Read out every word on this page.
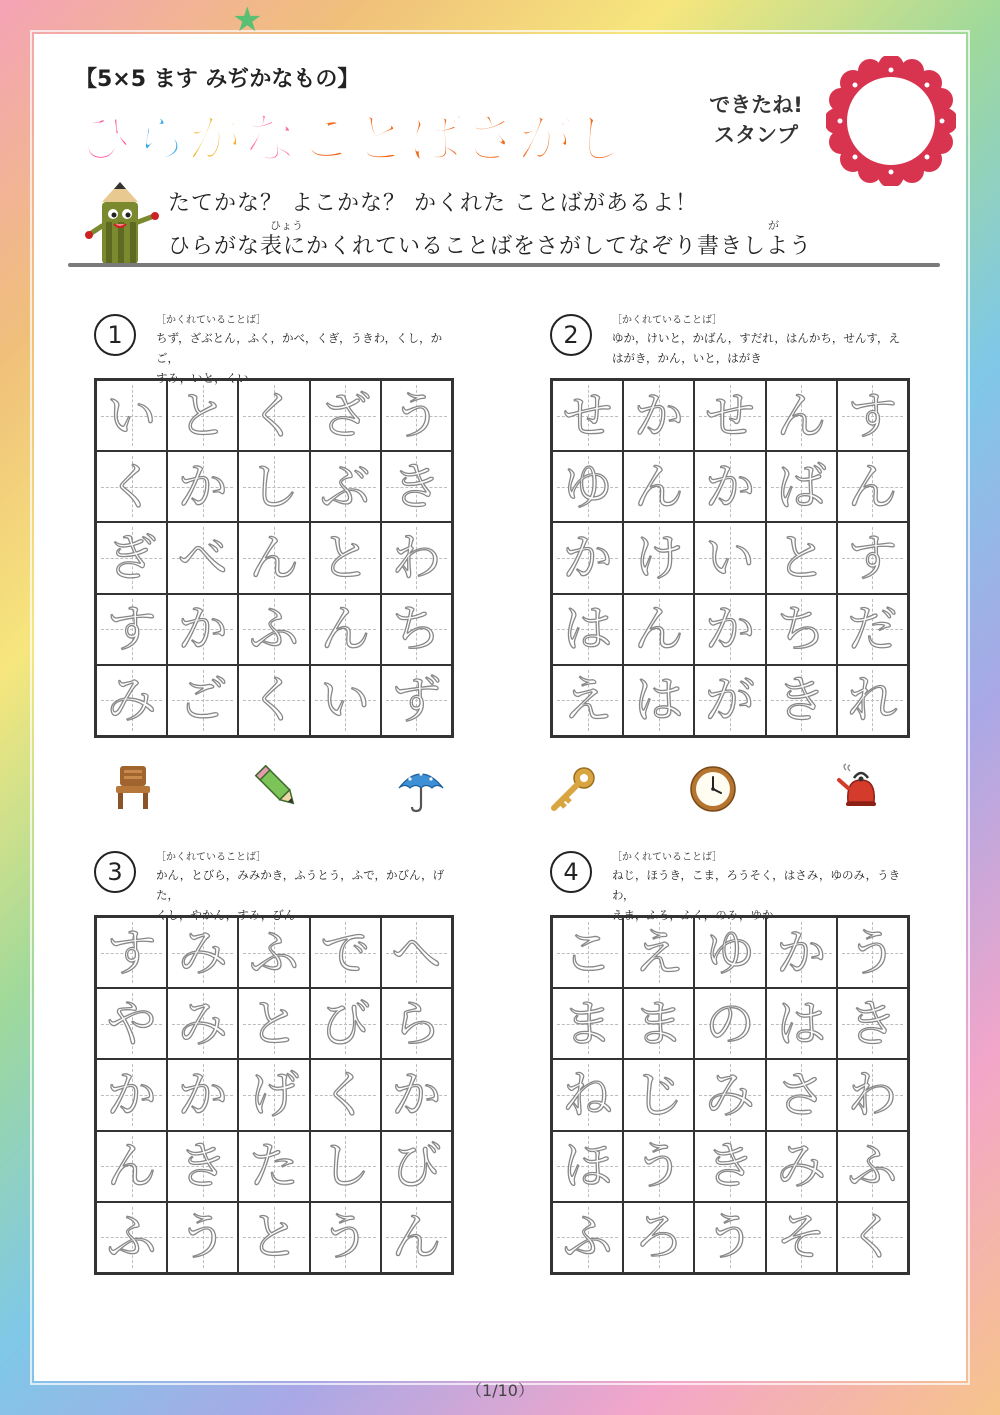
★
【5×5 ます みぢかなもの】
ひらがなことばさがし
できたね!
スタンプ
たてかな？ よこかな？ かくれた ことばがあるよ！
ひょう	が
ひらがな表にかくれていることばをさがしてなぞり書きしよう
1
［かくれていることば］
ちず，ざぶとん，ふく，かべ，くぎ，うきわ，くし，かご，
すみ，いと，くい
い と く ざ う
く か し ぶ き
ぎ べ ん と わ
す か ふ ん ち
み ご く い ず
2
［かくれていることば］
ゆか，けいと，かばん，すだれ，はんかち，せんす，え
はがき，かん，いと，はがき
せ か せ ん す
ゆ ん か ば ん
か け い と す
は ん か ち だ
え は が き れ
3
［かくれていることば］
かん，とびら，みみかき，ふうとう，ふで，かびん，げた，
くし，やかん，すみ，びん
す み ふ で へ
や み と び ら
か か げ く か
ん き た し び
ふ う と う ん
4
［かくれていることば］
ねじ，ほうき，こま，ろうそく，はさみ，ゆのみ，うきわ，
えま，ふろ，ふく，のみ，ゆか
こ え ゆ か う
ま ま の は き
ね じ み さ わ
ほ う き み ふ
ふ ろ う そ く
（1/10）
